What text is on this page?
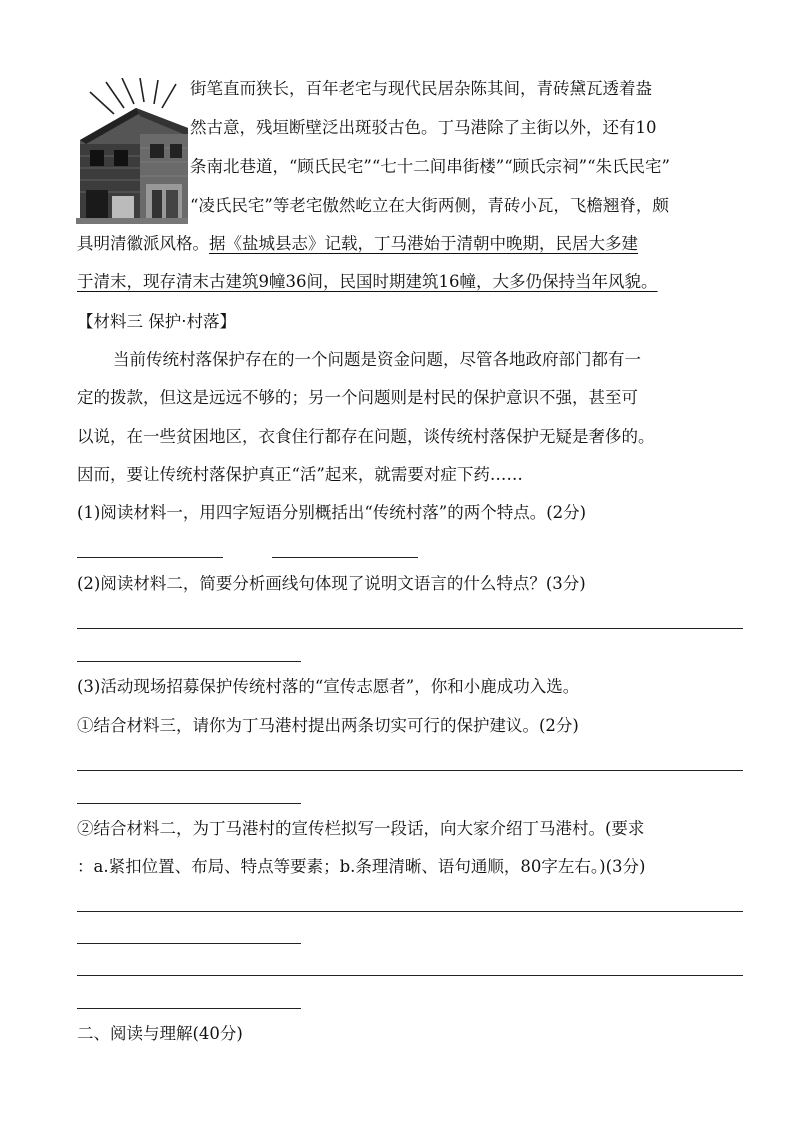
街笔直而狭长，百年老宅与现代民居杂陈其间，青砖黛瓦透着盎
然古意，残垣断壁泛出斑驳古色。丁马港除了主街以外，还有10
条南北巷道，“顾氏民宅”“七十二间串街楼”“顾氏宗祠”“朱氏民宅”
“凌氏民宅”等老宅傲然屹立在大街两侧，青砖小瓦，飞檐翘脊，颇
具明清徽派风格。据《盐城县志》记载，丁马港始于清朝中晚期，民居大多建
于清末，现存清末古建筑9幢36间，民国时期建筑16幢，大多仍保持当年风貌。
【材料三 保护·村落】
当前传统村落保护存在的一个问题是资金问题，尽管各地政府部门都有一
定的拨款，但这是远远不够的；另一个问题则是村民的保护意识不强，甚至可
以说，在一些贫困地区，衣食住行都存在问题，谈传统村落保护无疑是奢侈的。
因而，要让传统村落保护真正“活”起来，就需要对症下药……
(1)阅读材料一，用四字短语分别概括出“传统村落”的两个特点。(2分)
(2)阅读材料二，简要分析画线句体现了说明文语言的什么特点？(3分)
(3)活动现场招募保护传统村落的“宣传志愿者”，你和小鹿成功入选。
①结合材料三，请你为丁马港村提出两条切实可行的保护建议。(2分)
②结合材料二，为丁马港村的宣传栏拟写一段话，向大家介绍丁马港村。(要求
：a.紧扣位置、布局、特点等要素；b.条理清晰、语句通顺，80字左右。)(3分)
二、阅读与理解(40分)
